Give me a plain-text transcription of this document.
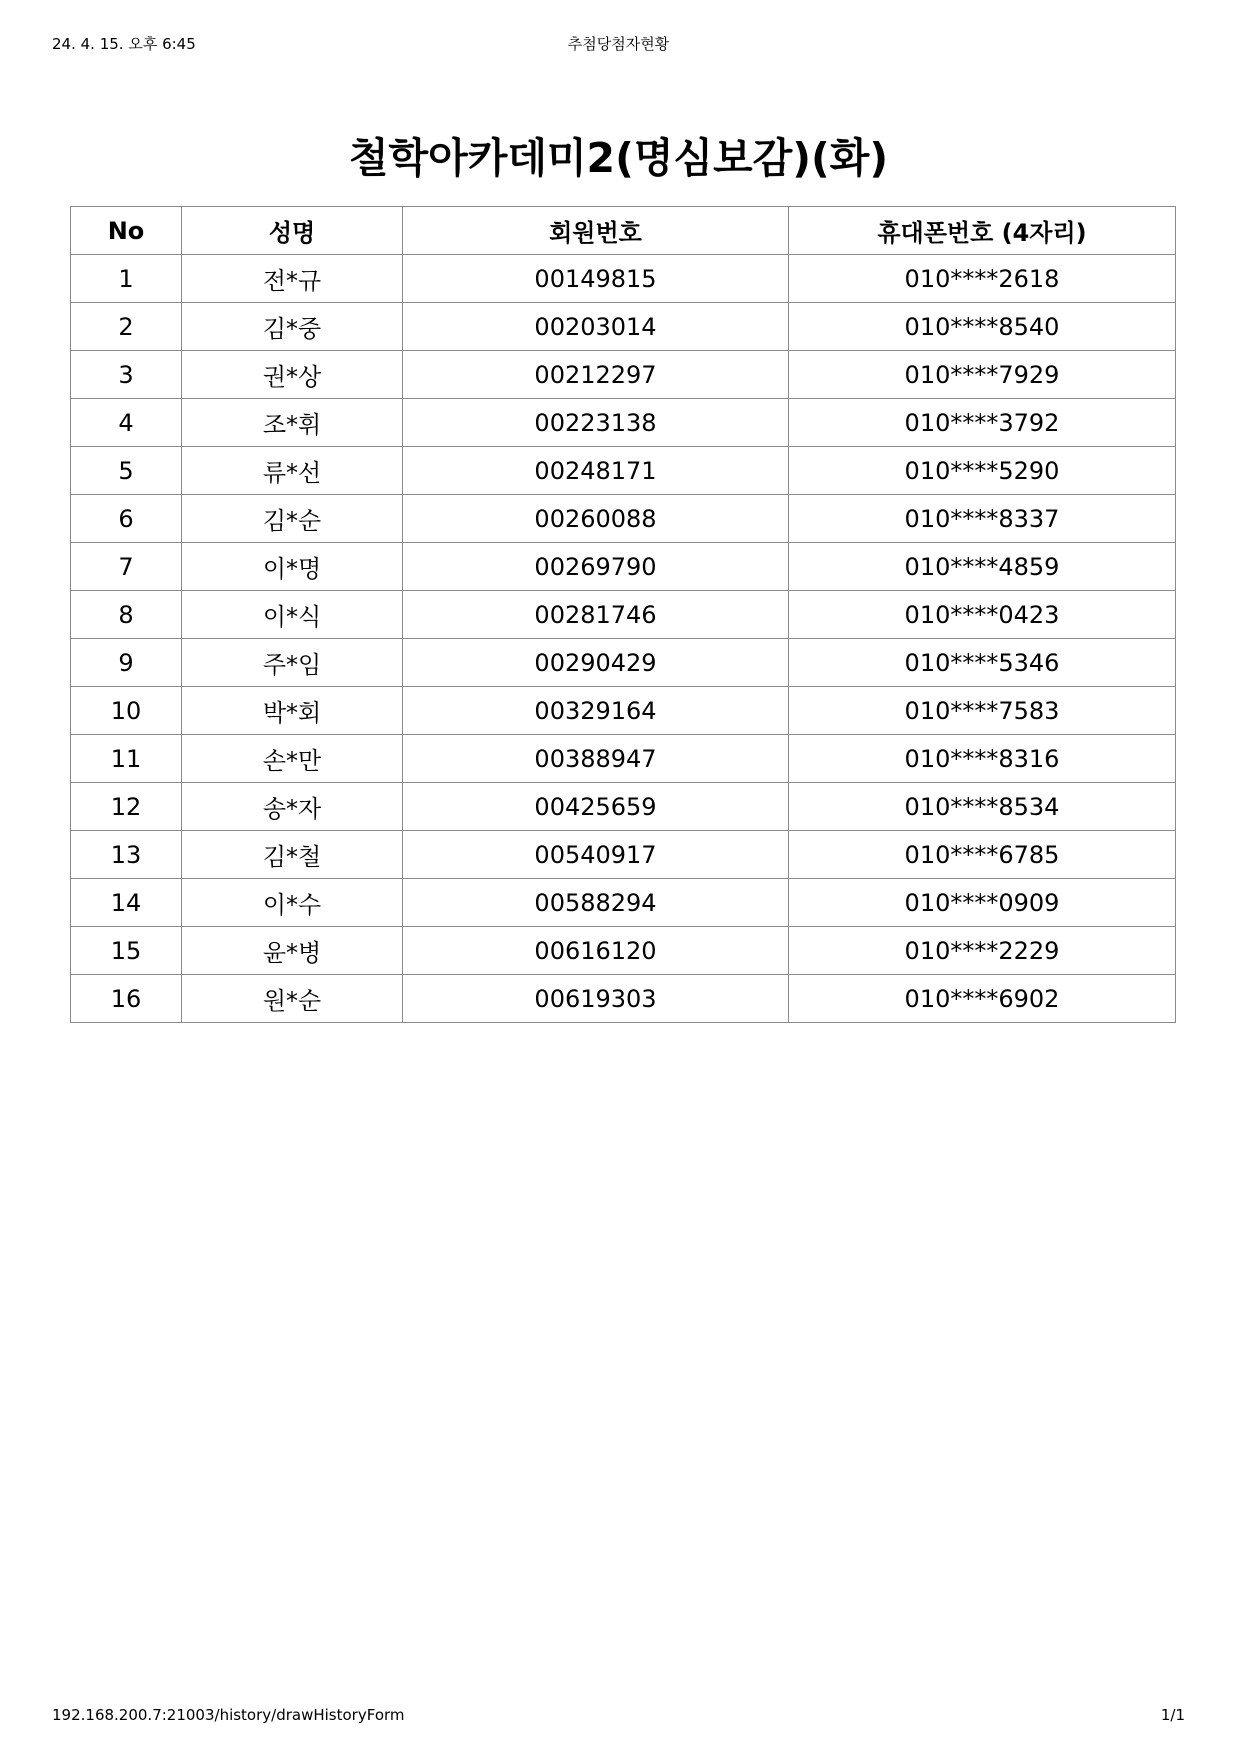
24. 4. 15. 오후 6:45	추첨당첨자현황
철학아카데미2(명심보감)(화)
No	성명	회원번호	휴대폰번호 (4자리)
1	전*규	00149815	010****2618
2	김*중	00203014	010****8540
3	권*상	00212297	010****7929
4	조*휘	00223138	010****3792
5	류*선	00248171	010****5290
6	김*순	00260088	010****8337
7	이*명	00269790	010****4859
8	이*식	00281746	010****0423
9	주*임	00290429	010****5346
10	박*회	00329164	010****7583
11	손*만	00388947	010****8316
12	송*자	00425659	010****8534
13	김*철	00540917	010****6785
14	이*수	00588294	010****0909
15	윤*병	00616120	010****2229
16	원*순	00619303	010****6902
192.168.200.7:21003/history/drawHistoryForm	1/1
